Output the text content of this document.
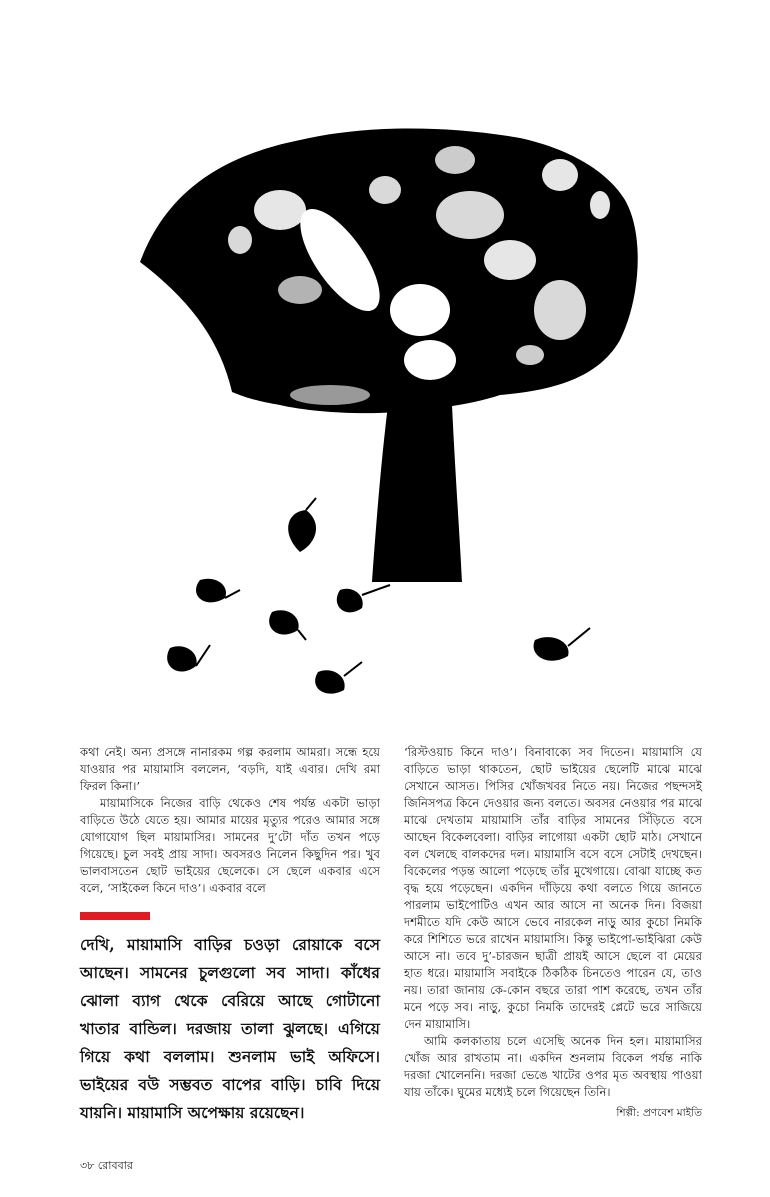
কথা নেই। অন্য প্রসঙ্গে নানারকম গল্প করলাম আমরা। সন্ধে হয়ে যাওয়ার পর মায়ামাসি বললেন, ‘বড়দি, যাই এবার। দেখি রমা ফিরল কিনা।’

মায়ামাসিকে নিজের বাড়ি থেকেও শেষ পর্যন্ত একটা ভাড়া বাড়িতে উঠে যেতে হয়। আমার মায়ের মৃত্যুর পরেও আমার সঙ্গে যোগাযোগ ছিল মায়ামাসির। সামনের দু’টো দাঁত তখন পড়ে গিয়েছে। চুল সবই প্রায় সাদা। অবসরও নিলেন কিছুদিন পর। খুব ভালবাসতেন ছোট ভাইয়ের ছেলেকে। সে ছেলে একবার এসে বলে, ‘সাইকেল কিনে দাও’। একবার বলে

দেখি, মায়ামাসি বাড়ির চওড়া রোয়াকে বসে আছেন। সামনের চুলগুলো সব সাদা। কাঁধের ঝোলা ব্যাগ থেকে বেরিয়ে আছে গোটানো খাতার বান্ডিল। দরজায় তালা ঝুলছে। এগিয়ে গিয়ে কথা বললাম। শুনলাম ভাই অফিসে। ভাইয়ের বউ সম্ভবত বাপের বাড়ি। চাবি দিয়ে যায়নি। মায়ামাসি অপেক্ষায় রয়েছেন।

‘রিস্টওয়াচ কিনে দাও’। বিনাবাক্যে সব দিতেন। মায়ামাসি যে বাড়িতে ভাড়া থাকতেন, ছোট ভাইয়ের ছেলেটি মাঝে মাঝে সেখানে আসত। পিসির খোঁজখবর নিতে নয়। নিজের পছন্দসই জিনিসপত্র কিনে দেওয়ার জন্য বলতে। অবসর নেওয়ার পর মাঝে মাঝে দেখতাম মায়ামাসি তাঁর বাড়ির সামনের সিঁড়িতে বসে আছেন বিকেলবেলা। বাড়ির লাগোয়া একটা ছোট মাঠ। সেখানে বল খেলছে বালকদের দল। মায়ামাসি বসে বসে সেটাই দেখছেন। বিকেলের পড়ন্ত আলো পড়েছে তাঁর মুখেগায়ে। বোঝা যাচ্ছে কত বৃদ্ধ হয়ে পড়েছেন। একদিন দাঁড়িয়ে কথা বলতে গিয়ে জানতে পারলাম ভাইপোটিও এখন আর আসে না অনেক দিন। বিজয়া দশমীতে যদি কেউ আসে ভেবে নারকেল নাড়ু আর কুচো নিমকি করে শিশিতে ভরে রাখেন মায়ামাসি। কিন্তু ভাইপো-ভাইঝিরা কেউ আসে না। তবে দু’-চারজন ছাত্রী প্রায়ই আসে ছেলে বা মেয়ের হাত ধরে। মায়ামাসি সবাইকে ঠিকঠিক চিনতেও পারেন যে, তাও নয়। তারা জানায় কে-কোন বছরে তারা পাশ করেছে, তখন তাঁর মনে পড়ে সব। নাড়ু, কুচো নিমকি তাদেরই প্লেটে ভরে সাজিয়ে দেন মায়ামাসি।

আমি কলকাতায় চলে এসেছি অনেক দিন হল। মায়ামাসির খোঁজ আর রাখতাম না। একদিন শুনলাম বিকেল পর্যন্ত নাকি দরজা খোলেননি। দরজা ভেঙে খাটের ওপর মৃত অবস্থায় পাওয়া যায় তাঁকে। ঘুমের মধ্যেই চলে গিয়েছেন তিনি।

শিল্পী: প্রণবেশ মাইতি
৩৮ রোববার
